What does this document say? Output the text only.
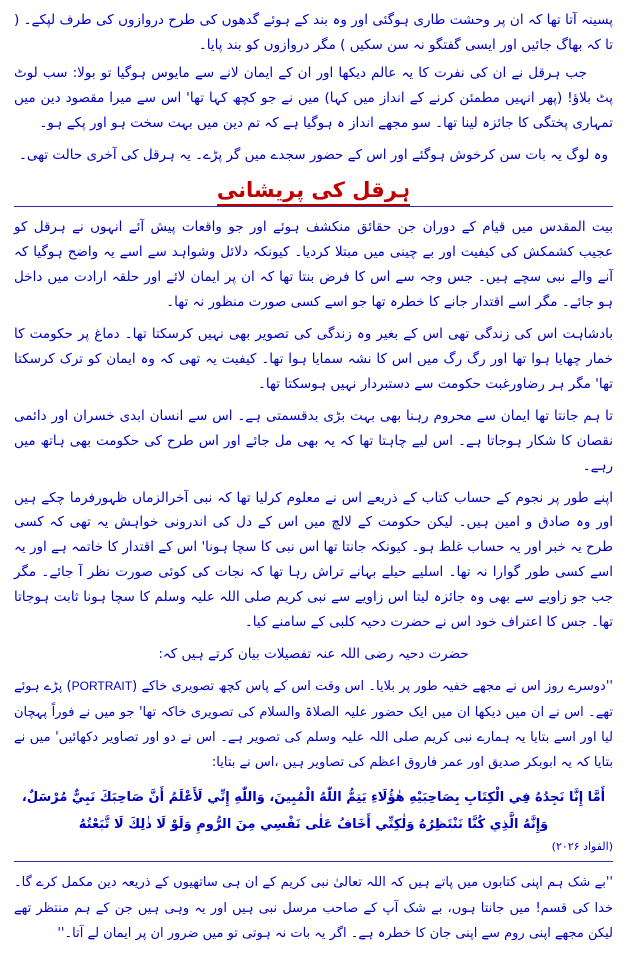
پسینہ آتا تھا کہ ان پر وحشت طاری ہوگئی اور وہ بند کے ہوئے گدھوں کی طرح دروازوں کی طرف لپکے۔ ( تا کہ بھاگ جائیں اور ایسی گفتگو نہ سن سکیں ) مگر دروازوں کو بند پایا۔

جب ہرقل نے ان کی نفرت کا یہ عالم دیکھا اور ان کے ایمان لانے سے مایوس ہوگیا تو بولا: سب لوٹ پٹ بلاؤ! (پھر انہیں مطمئن کرنے کے انداز میں کہا) میں نے جو کچھ کہا تھا' اس سے میرا مقصود دین میں تمہاری پختگی کا جائزہ لینا تھا۔ سو مجھے انداز ہ ہوگیا ہے کہ تم دین میں بہت سخت ہو اور پکے ہو۔

وہ لوگ یہ بات سن کرخوش ہوگئے اور اس کے حضور سجدے میں گر پڑے۔ یہ ہرقل کی آخری حالت تھی۔

ہرقل کی پریشانی

بیت المقدس میں قیام کے دوران جن حقائق منکشف ہوئے اور جو واقعات پیش آئے انہوں نے ہرقل کو عجیب کشمکش کی کیفیت اور بے چینی میں مبتلا کردیا۔ کیونکہ دلائل وشواہد سے اسے یہ واضح ہوگیا کہ آنے والے نبی سچے ہیں۔ جس وجہ سے اس کا فرض بنتا تھا کہ ان پر ایمان لائے اور حلقہ ارادت میں داخل ہو جائے۔ مگر اسے اقتدار جانے کا خطرہ تھا جو اسے کسی صورت منظور نہ تھا۔

بادشاہت اس کی زندگی تھی اس کے بغیر وہ زندگی کی تصویر بھی نہیں کرسکتا تھا۔ دماغ پر حکومت کا خمار چھایا ہوا تھا اور رگ رگ میں اس کا نشہ سمایا ہوا تھا۔ کیفیت یہ تھی کہ وہ ایمان کو ترک کرسکتا تھا' مگر ہر رضاورغبت حکومت سے دستبردار نہیں ہوسکتا تھا۔

تا ہم جانتا تھا ایمان سے محروم رہنا بھی بہت بڑی بدقسمتی ہے۔ اس سے انسان ابدی خسران اور دائمی نقصان کا شکار ہوجاتا ہے۔ اس لیے چاہتا تھا کہ یہ بھی مل جائے اور اس طرح کی حکومت بھی ہاتھ میں رہے۔

اپنے طور پر نجوم کے حساب کتاب کے ذریعے اس نے معلوم کرلیا تھا کہ نبی آخرالزماں ظہورفرما چکے ہیں اور وہ صادق و امین ہیں۔ لیکن حکومت کے لالچ میں اس کے دل کی اندرونی خواہش یہ تھی کہ کسی طرح یہ خبر اور یہ حساب غلط ہو۔ کیونکہ جانتا تھا اس نبی کا سچا ہونا' اس کے اقتدار کا خاتمہ ہے اور یہ اسے کسی طور گوارا نہ تھا۔ اسلیے حیلے بہانے تراش رہا تھا کہ نجات کی کوئی صورت نظر آ جائے۔ مگر جب جو زاویے سے بھی وہ جائزہ لیتا اس زاویے سے نبی کریم صلی اللہ علیہ وسلم کا سچا ہونا ثابت ہوجاتا تھا۔ جس کا اعتراف خود اس نے حضرت دحیہ کلبی کے سامنے کیا۔

حضرت دحیہ رضی اللہ عنہ تفصیلات بیان کرتے ہیں کہ:

''دوسرے روز اس نے مجھے خفیہ طور پر بلایا۔ اس وقت اس کے پاس کچھ تصویری خاکے (PORTRAIT) پڑے ہوئے تھے۔ اس نے ان میں دیکھا ان میں ایک حضور علیہ الصلاۃ والسلام کی تصویری خاکہ تھا' جو میں نے فوراً پہچان لیا اور اسے بتایا یہ ہمارے نبی کریم صلی اللہ علیہ وسلم کی تصویر ہے۔ اس نے دو اور تصاویر دکھائیں' میں نے بتایا کہ یہ ابوبکر صدیق اور عمر فاروق اعظم کی تصاویر ہیں ،اس نے بتایا:

أَمَّا إِنَّا نَجِدُهُ فِي الْكِتَابِ بِصَاحِبَيْهِ هٰؤُلَاءِ يَتِمُّ اللّٰهُ الْمُبِينَ، وَاللّٰهِ إِنِّي لَأَعْلَمُ أَنَّ صَاحِبَكَ نَبِيٌّ مُرْسَلٌ، وَإِنَّهُ الَّذِي كُنَّا نَنْتَظِرُهُ وَلٰكِنِّي أَخَافُ عَلٰى نَفْسِي مِنَ الرُّومِ وَلَوْ لَا ذٰلِكَ لَا تَّبَعْتُهُ

(الفواد ۲۰۲۶)

''بے شک ہم اپنی کتابوں میں پاتے ہیں کہ اللہ تعالیٰ نبی کریم کے ان ہی ساتھیوں کے ذریعہ دین مکمل کرے گا۔ خدا کی قسم! میں جانتا ہوں، بے شک آپ کے صاحب مرسل نبی ہیں اور یہ وہی ہیں جن کے ہم منتظر تھے لیکن مجھے اپنی روم سے اپنی جان کا خطرہ ہے۔ اگر یہ بات نہ ہوتی تو میں ضرور ان پر ایمان لے آتا۔''
